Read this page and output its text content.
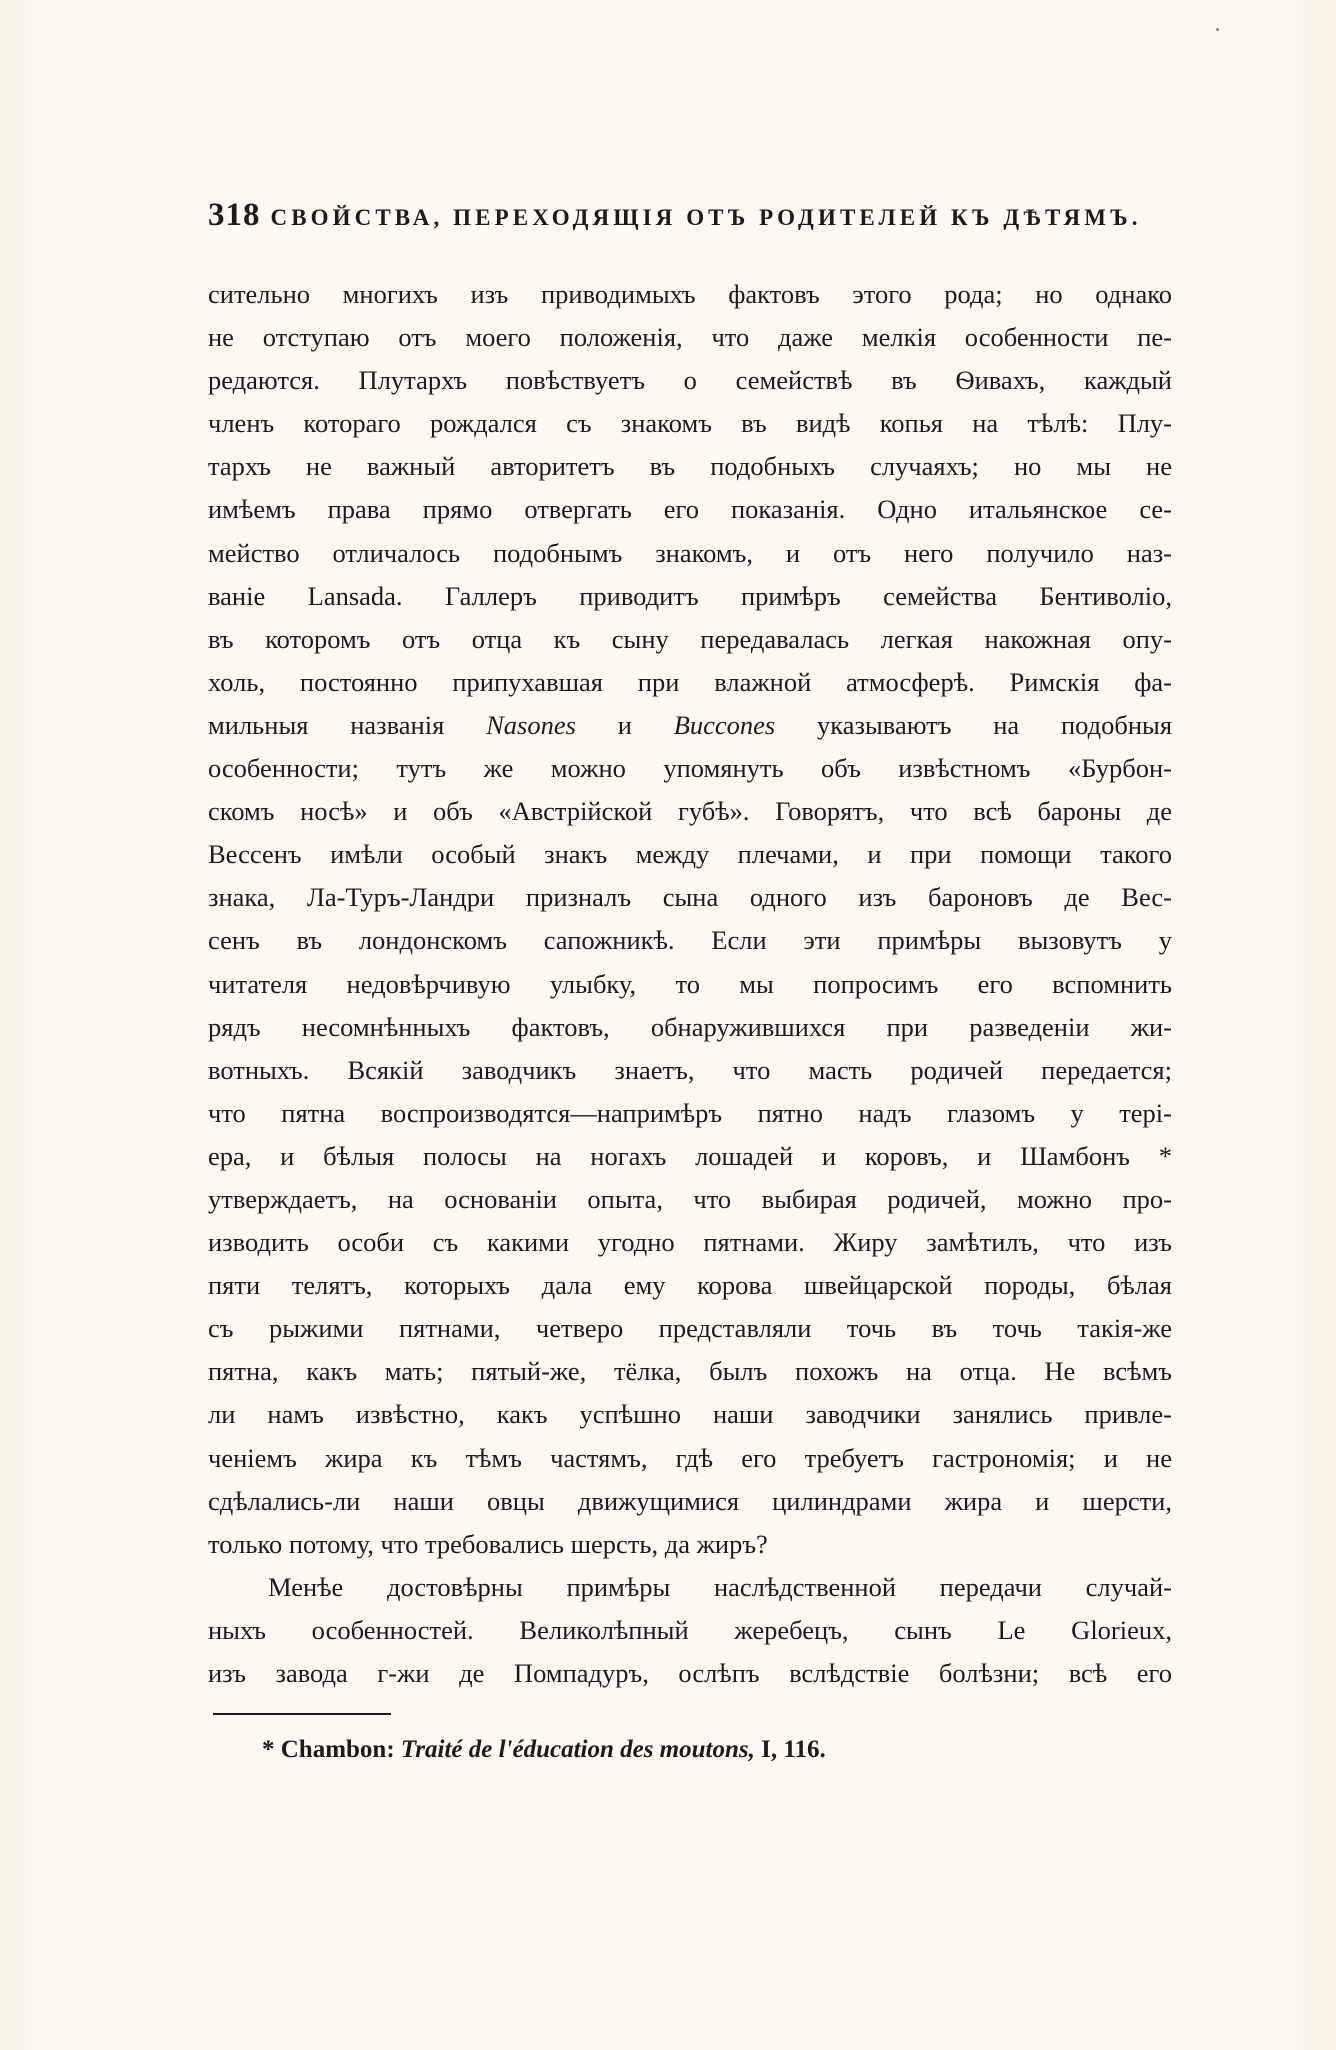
318 СВОЙСТВА, ПЕРЕХОДЯЩІЯ ОТЪ РОДИТЕЛЕЙ КЪ ДѢТЯМЪ.
сительно многихъ изъ приводимыхъ фактовъ этого рода; но однако
не отступаю отъ моего положенія, что даже мелкія особенности пе-
редаются. Плутархъ повѣствуетъ о семействѣ въ Ѳивахъ, каждый
членъ котораго рождался съ знакомъ въ видѣ копья на тѣлѣ: Плу-
тархъ не важный авторитетъ въ подобныхъ случаяхъ; но мы не
имѣемъ права прямо отвергать его показанія. Одно итальянское се-
мейство отличалось подобнымъ знакомъ, и отъ него получило наз-
ваніе Lansada. Галлеръ приводитъ примѣръ семейства Бентиволіо,
въ которомъ отъ отца къ сыну передавалась легкая накожная опу-
холь, постоянно припухавшая при влажной атмосферѣ. Римскія фа-
мильныя названія Nasones и Buccones указываютъ на подобныя
особенности; тутъ же можно упомянуть объ извѣстномъ «Бурбон-
скомъ носѣ» и объ «Австрійской губѣ». Говорятъ, что всѣ бароны де
Вессенъ имѣли особый знакъ между плечами, и при помощи такого
знака, Ла-Туръ-Ландри призналъ сына одного изъ бароновъ де Вес-
сенъ въ лондонскомъ сапожникѣ. Если эти примѣры вызовутъ у
читателя недовѣрчивую улыбку, то мы попросимъ его вспомнить
рядъ несомнѣнныхъ фактовъ, обнаружившихся при разведеніи жи-
вотныхъ. Всякій заводчикъ знаетъ, что масть родичей передается;
что пятна воспроизводятся—напримѣръ пятно надъ глазомъ у тері-
ера, и бѣлыя полосы на ногахъ лошадей и коровъ, и Шамбонъ *
утверждаетъ, на основаніи опыта, что выбирая родичей, можно про-
изводить особи съ какими угодно пятнами. Жиру замѣтилъ, что изъ
пяти телятъ, которыхъ дала ему корова швейцарской породы, бѣлая
съ рыжими пятнами, четверо представляли точь въ точь такія-же
пятна, какъ мать; пятый-же, тёлка, былъ похожъ на отца. Не всѣмъ
ли намъ извѣстно, какъ успѣшно наши заводчики занялись привле-
ченіемъ жира къ тѣмъ частямъ, гдѣ его требуетъ гастрономія; и не
сдѣлались-ли наши овцы движущимися цилиндрами жира и шерсти,
только потому, что требовались шерсть, да жиръ?
Менѣе достовѣрны примѣры наслѣдственной передачи случай-
ныхъ особенностей. Великолѣпный жеребецъ, сынъ Le Glorieux,
изъ завода г-жи де Помпадуръ, ослѣпъ вслѣдствіе болѣзни; всѣ его
* Chambon: Traité de l'éducation des moutons, I, 116.
